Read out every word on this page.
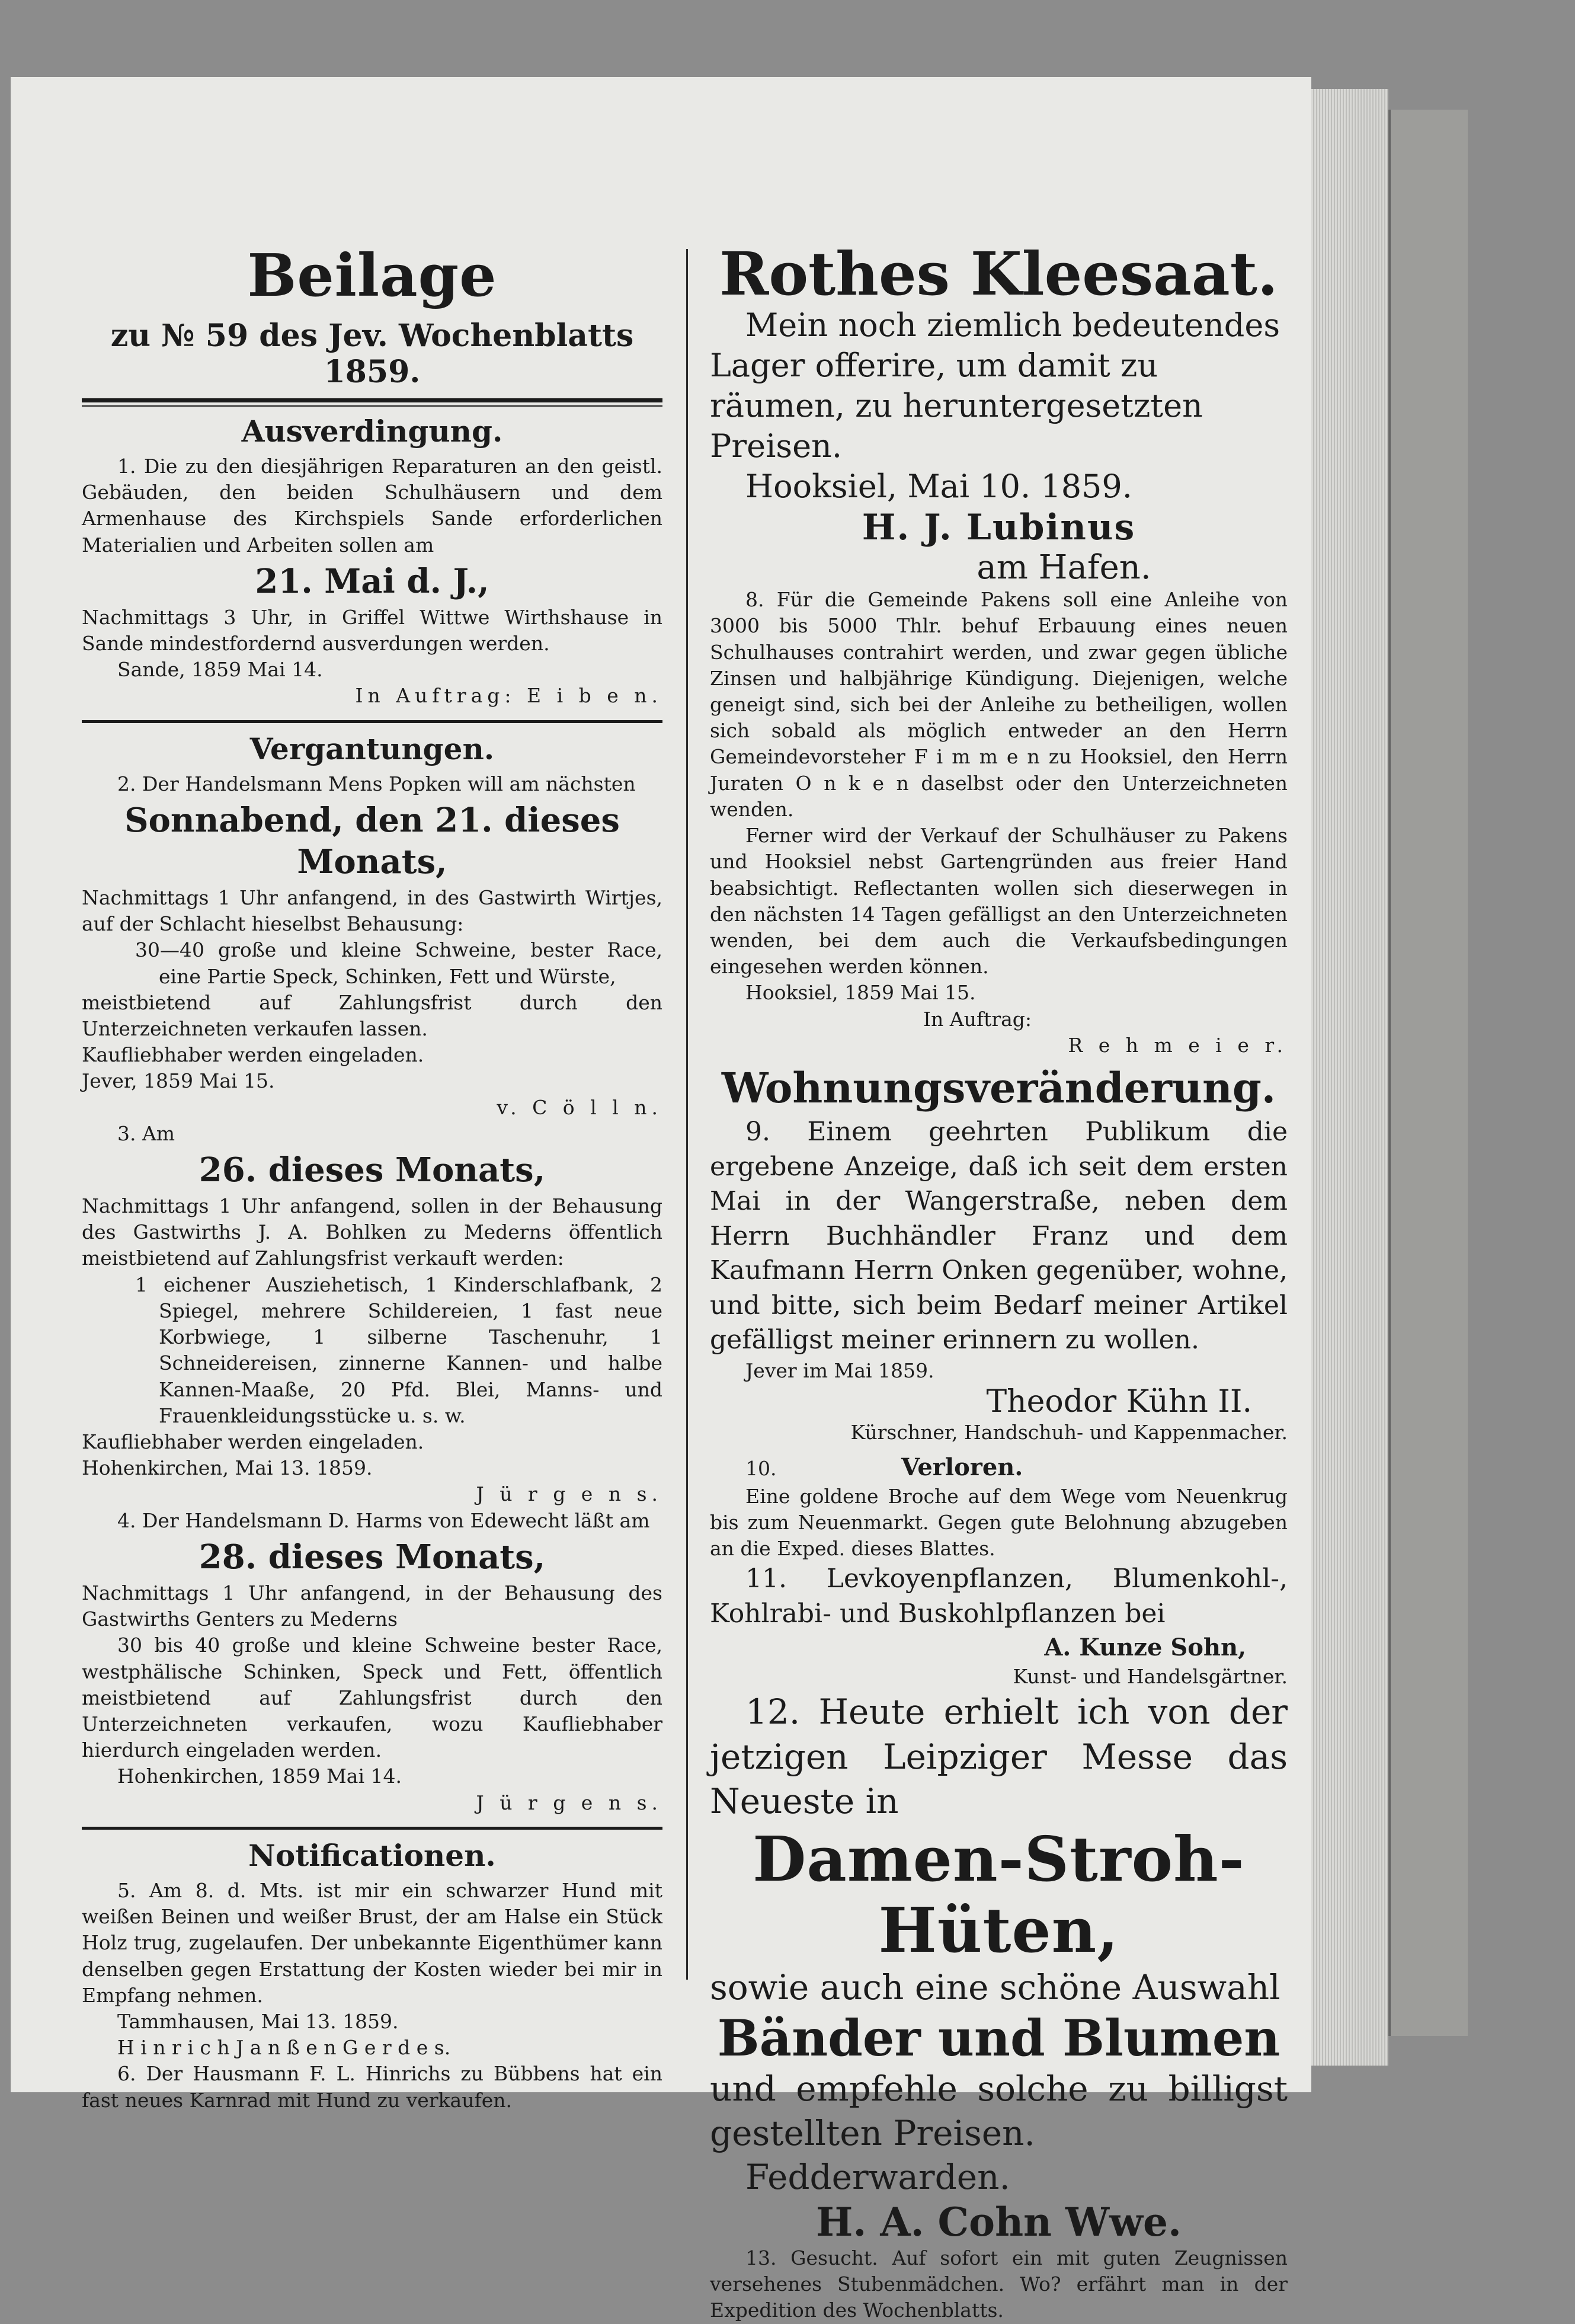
Beilage
zu № 59 des Jev. Wochenblatts 1859.
Ausverdingung.

1. Die zu den diesjährigen Reparaturen an den geistl. Gebäuden, den beiden Schulhäusern und dem Armenhause des Kirchspiels Sande erforderlichen Materialien und Arbeiten sollen am

21. Mai d. J.,

Nachmittags 3 Uhr, in Griffel Wittwe Wirthshause in Sande mindestfordernd ausverdungen werden.

Sande, 1859 Mai 14.

In Auftrag: E i b e n.

Vergantungen.

2. Der Handelsmann Mens Popken will am nächsten

Sonnabend, den 21. dieses Monats,

Nachmittags 1 Uhr anfangend, in des Gastwirth Wirtjes, auf der Schlacht hieselbst Behausung:

30—40 große und kleine Schweine, bester Race, eine Partie Speck, Schinken, Fett und Würste,

meistbietend auf Zahlungsfrist durch den Unterzeichneten verkaufen lassen.

Kaufliebhaber werden eingeladen.

Jever, 1859 Mai 15.

v. C ö l l n.

3. Am

26. dieses Monats,

Nachmittags 1 Uhr anfangend, sollen in der Behausung des Gastwirths J. A. Bohlken zu Mederns öffentlich meistbietend auf Zahlungsfrist verkauft werden:

1 eichener Ausziehetisch, 1 Kinderschlafbank, 2 Spiegel, mehrere Schildereien, 1 fast neue Korbwiege, 1 silberne Taschenuhr, 1 Schneidereisen, zinnerne Kannen- und halbe Kannen-Maaße, 20 Pfd. Blei, Manns- und Frauenkleidungsstücke u. s. w.

Kaufliebhaber werden eingeladen.

Hohenkirchen, Mai 13. 1859.

J ü r g e n s.

4. Der Handelsmann D. Harms von Edewecht läßt am

28. dieses Monats,

Nachmittags 1 Uhr anfangend, in der Behausung des Gastwirths Genters zu Mederns

30 bis 40 große und kleine Schweine bester Race, westphälische Schinken, Speck und Fett, öffentlich meistbietend auf Zahlungsfrist durch den Unterzeichneten verkaufen, wozu Kaufliebhaber hierdurch eingeladen werden.

Hohenkirchen, 1859 Mai 14.

J ü r g e n s.

Notificationen.

5. Am 8. d. Mts. ist mir ein schwarzer Hund mit weißen Beinen und weißer Brust, der am Halse ein Stück Holz trug, zugelaufen. Der unbekannte Eigenthümer kann denselben gegen Erstattung der Kosten wieder bei mir in Empfang nehmen.

Tammhausen, Mai 13. 1859.

H i n r i c h J a n ß e n G e r d e s.

6. Der Hausmann F. L. Hinrichs zu Bübbens hat ein fast neues Karnrad mit Hund zu verkaufen.

Rothes Kleesaat.

Mein noch ziemlich bedeutendes Lager offerire, um damit zu räumen, zu heruntergesetzten Preisen.

Hooksiel, Mai 10. 1859.

H. J. Lubinus
am Hafen.

8. Für die Gemeinde Pakens soll eine Anleihe von 3000 bis 5000 Thlr. behuf Erbauung eines neuen Schulhauses contrahirt werden, und zwar gegen übliche Zinsen und halbjährige Kündigung. Diejenigen, welche geneigt sind, sich bei der Anleihe zu betheiligen, wollen sich sobald als möglich entweder an den Herrn Gemeindevorsteher F i m m e n zu Hooksiel, den Herrn Juraten O n k e n daselbst oder den Unterzeichneten wenden.

Ferner wird der Verkauf der Schulhäuser zu Pakens und Hooksiel nebst Gartengründen aus freier Hand beabsichtigt. Reflectanten wollen sich dieserwegen in den nächsten 14 Tagen gefälligst an den Unterzeichneten wenden, bei dem auch die Verkaufsbedingungen eingesehen werden können.

Hooksiel, 1859 Mai 15.

In Auftrag:

R e h m e i e r.

Wohnungsveränderung.

9. Einem geehrten Publikum die ergebene Anzeige, daß ich seit dem ersten Mai in der Wangerstraße, neben dem Herrn Buchhändler Franz und dem Kaufmann Herrn Onken gegenüber, wohne, und bitte, sich beim Bedarf meiner Artikel gefälligst meiner erinnern zu wollen.

Jever im Mai 1859.

Theodor Kühn II.

Kürschner, Handschuh- und Kappenmacher.

10.	Verloren.

Eine goldene Broche auf dem Wege vom Neuenkrug bis zum Neuenmarkt. Gegen gute Belohnung abzugeben an die Exped. dieses Blattes.

11. Levkoyenpflanzen, Blumenkohl-, Kohlrabi- und Buskohlpflanzen bei

A. Kunze Sohn,

Kunst- und Handelsgärtner.

12. Heute erhielt ich von der jetzigen Leipziger Messe das Neueste in

Damen-Stroh-Hüten,

sowie auch eine schöne Auswahl

Bänder und Blumen

und empfehle solche zu billigst gestellten Preisen.

Fedderwarden.

H. A. Cohn Wwe.

13. Gesucht. Auf sofort ein mit guten Zeugnissen versehenes Stubenmädchen. Wo? erfährt man in der Expedition des Wochenblatts.
